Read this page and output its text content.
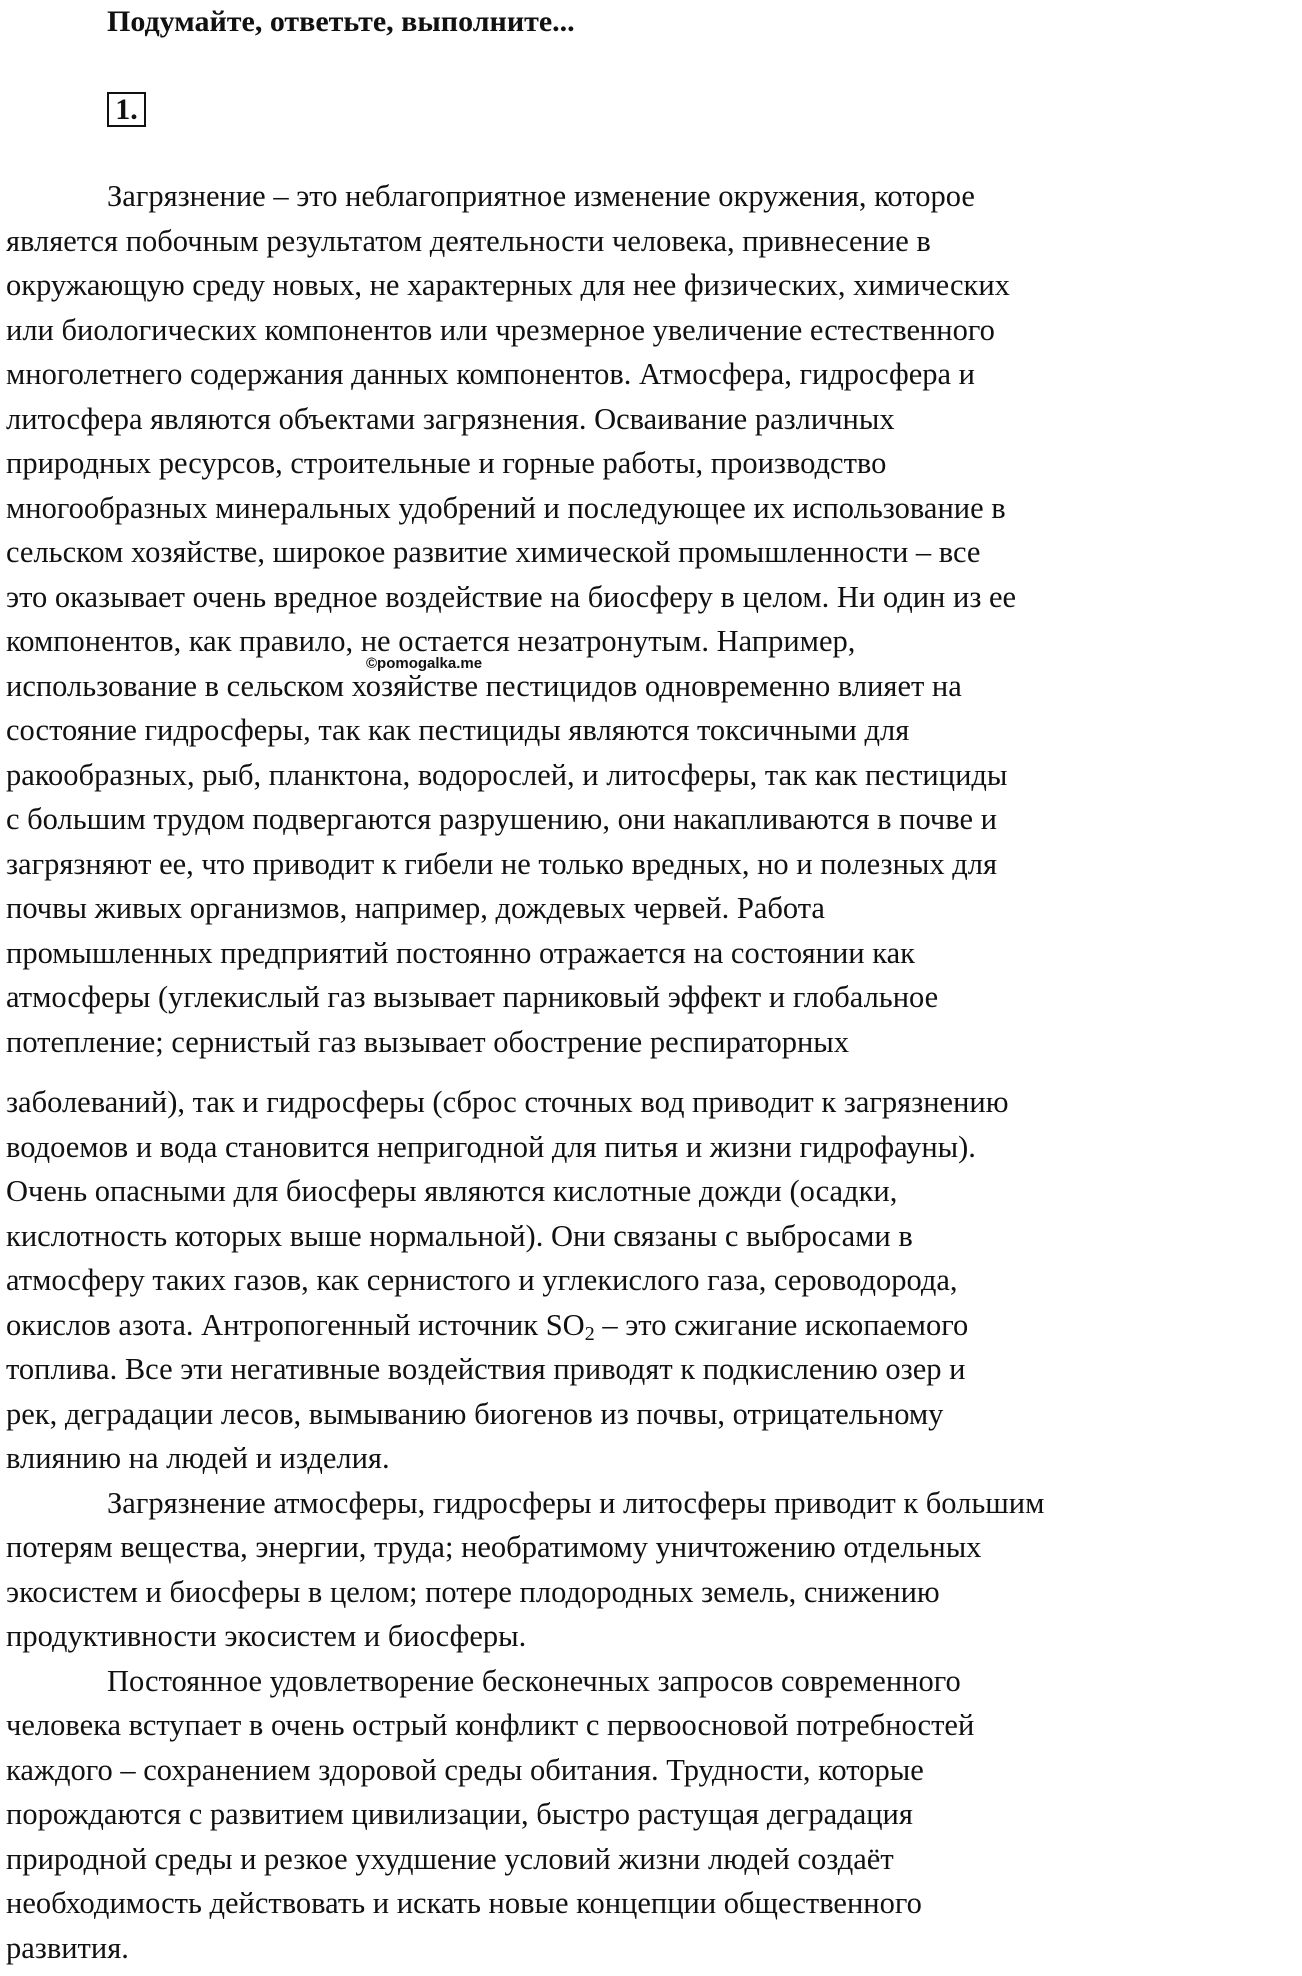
Подумайте, ответьте, выполните...
1.
Загрязнение – это неблагоприятное изменение окружения, которое
является побочным результатом деятельности человека, привнесение в
окружающую среду новых, не характерных для нее физических, химических
или биологических компонентов или чрезмерное увеличение естественного
многолетнего содержания данных компонентов. Атмосфера, гидросфера и
литосфера являются объектами загрязнения. Осваивание различных
природных ресурсов, строительные и горные работы, производство
многообразных минеральных удобрений и последующее их использование в
сельском хозяйстве, широкое развитие химической промышленности – все
это оказывает очень вредное воздействие на биосферу в целом. Ни один из ее
компонентов, как правило, не остается незатронутым. Например,
использование в сельском хозяйстве пестицидов одновременно влияет на
состояние гидросферы, так как пестициды являются токсичными для
ракообразных, рыб, планктона, водорослей, и литосферы, так как пестициды
с большим трудом подвергаются разрушению, они накапливаются в почве и
загрязняют ее, что приводит к гибели не только вредных, но и полезных для
почвы живых организмов, например, дождевых червей. Работа
промышленных предприятий постоянно отражается на состоянии как
атмосферы (углекислый газ вызывает парниковый эффект и глобальное
потепление; сернистый газ вызывает обострение респираторных
©pomogalka.me
заболеваний), так и гидросферы (сброс сточных вод приводит к загрязнению
водоемов и вода становится непригодной для питья и жизни гидрофауны).
Очень опасными для биосферы являются кислотные дожди (осадки,
кислотность которых выше нормальной). Они связаны с выбросами в
атмосферу таких газов, как сернистого и углекислого газа, сероводорода,
окислов азота. Антропогенный источник $SO_2$ – это сжигание ископаемого
топлива. Все эти негативные воздействия приводят к подкислению озер и
рек, деградации лесов, вымыванию биогенов из почвы, отрицательному
влиянию на людей и изделия.
Загрязнение атмосферы, гидросферы и литосферы приводит к большим
потерям вещества, энергии, труда; необратимому уничтожению отдельных
экосистем и биосферы в целом; потере плодородных земель, снижению
продуктивности экосистем и биосферы.
Постоянное удовлетворение бесконечных запросов современного
человека вступает в очень острый конфликт с первоосновой потребностей
каждого – сохранением здоровой среды обитания. Трудности, которые
порождаются с развитием цивилизации, быстро растущая деградация
природной среды и резкое ухудшение условий жизни людей создаёт
необходимость действовать и искать новые концепции общественного
развития.
